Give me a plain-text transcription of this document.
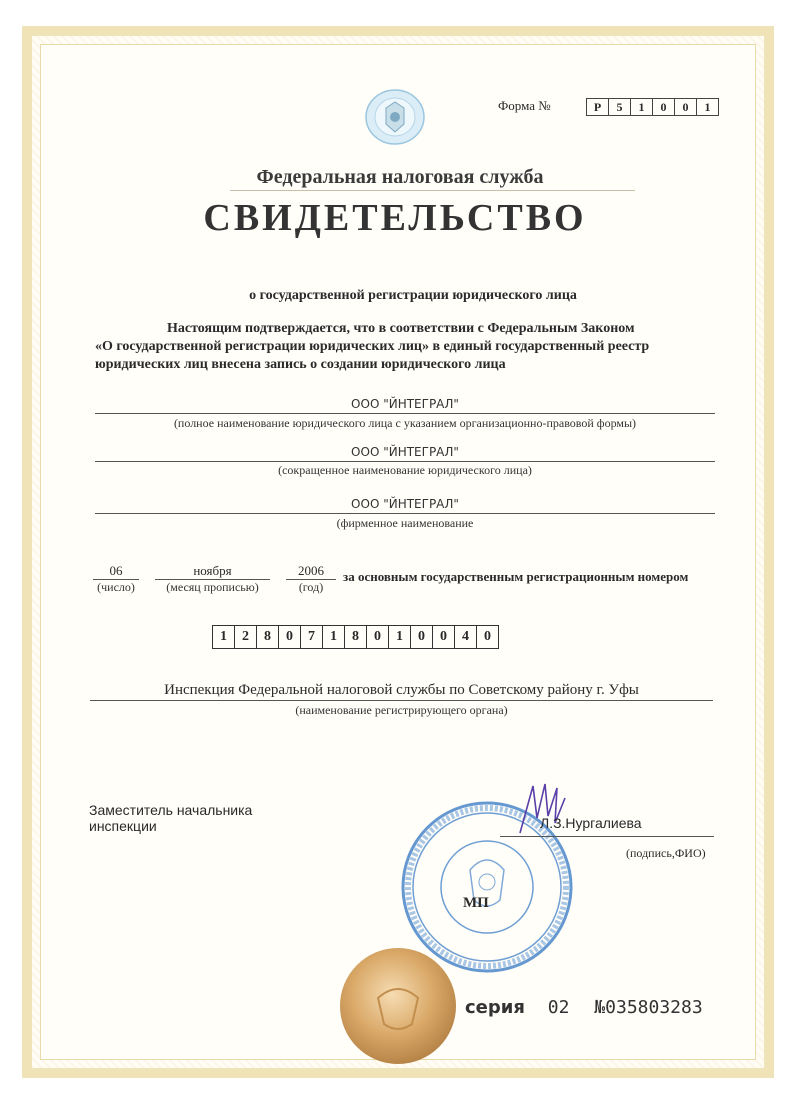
Форма №	Р	5	1	0	0	1
Федеральная налоговая служба
СВИДЕТЕЛЬСТВО
о государственной регистрации юридического лица
Настоящим подтверждается, что в соответствии с Федеральным Законом
«О государственной регистрации юридических лиц» в единый государственный реестр
юридических лиц внесена запись о создании юридического лица
ООО "ЙНТЕГРАЛ"
(полное наименование юридического лица с указанием организационно-правовой формы)
ООО "ЙНТЕГРАЛ"
(сокращенное наименование юридического лица)
ООО "ЙНТЕГРАЛ"
(фирменное наименование
06
(число)
ноября
(месяц прописью)
2006
(год)
за основным государственным регистрационным номером
1	2	8	0	7	1	8	0	1	0	0	4	0
Инспекция Федеральной налоговой службы по Советскому району г. Уфы
(наименование регистрирующего органа)
Заместитель начальника
инспекции	Л.З.Нургалиева
(подпись,ФИО)
МП
серия 02 №035803283
